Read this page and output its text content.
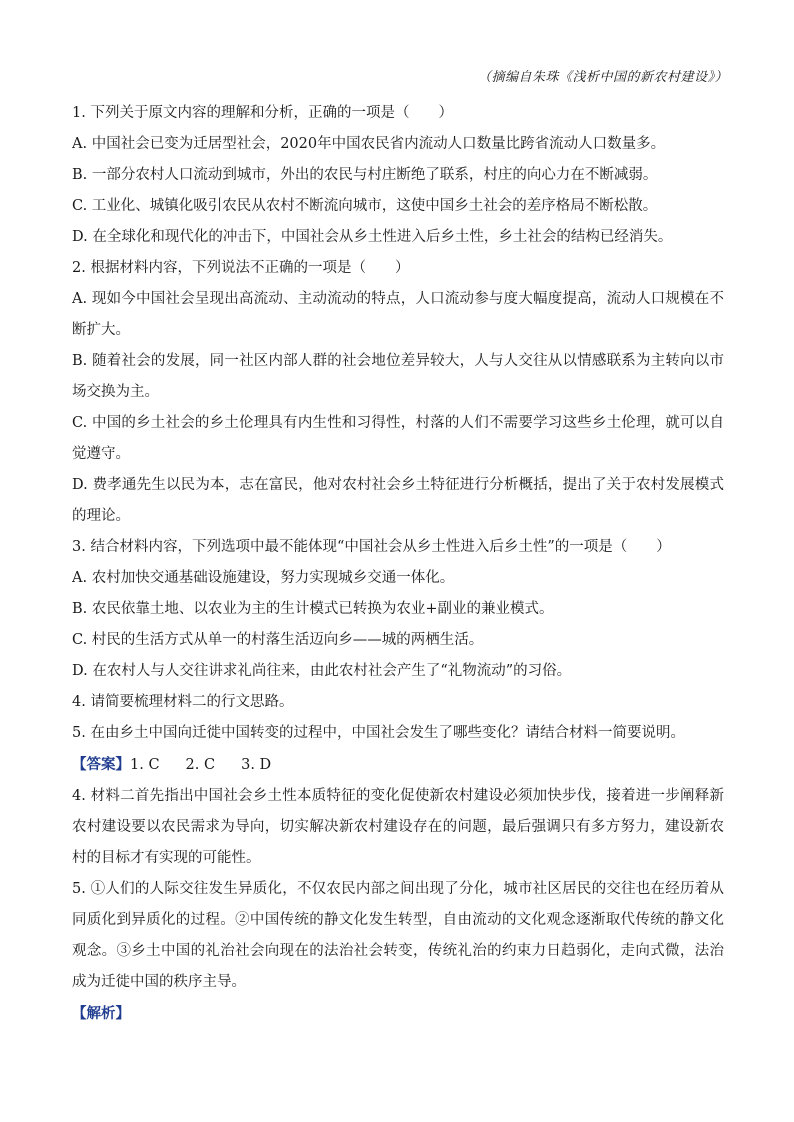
（摘编自朱珠《浅析中国的新农村建设》）
1. 下列关于原文内容的理解和分析，正确的一项是（　　）
A. 中国社会已变为迁居型社会，2020年中国农民省内流动人口数量比跨省流动人口数量多。
B. 一部分农村人口流动到城市，外出的农民与村庄断绝了联系，村庄的向心力在不断减弱。
C. 工业化、城镇化吸引农民从农村不断流向城市，这使中国乡土社会的差序格局不断松散。
D. 在全球化和现代化的冲击下，中国社会从乡土性进入后乡土性，乡土社会的结构已经消失。
2. 根据材料内容，下列说法不正确的一项是（　　）
A. 现如今中国社会呈现出高流动、主动流动的特点，人口流动参与度大幅度提高，流动人口规模在不断扩大。
B. 随着社会的发展，同一社区内部人群的社会地位差异较大，人与人交往从以情感联系为主转向以市场交换为主。
C. 中国的乡土社会的乡土伦理具有内生性和习得性，村落的人们不需要学习这些乡土伦理，就可以自觉遵守。
D. 费孝通先生以民为本，志在富民，他对农村社会乡土特征进行分析概括，提出了关于农村发展模式的理论。
3. 结合材料内容，下列选项中最不能体现“中国社会从乡土性进入后乡土性”的一项是（　　）
A. 农村加快交通基础设施建设，努力实现城乡交通一体化。
B. 农民依靠土地、以农业为主的生计模式已转换为农业+副业的兼业模式。
C. 村民的生活方式从单一的村落生活迈向乡——城的两栖生活。
D. 在农村人与人交往讲求礼尚往来，由此农村社会产生了“礼物流动”的习俗。
4. 请简要梳理材料二的行文思路。
5. 在由乡土中国向迁徙中国转变的过程中，中国社会发生了哪些变化？请结合材料一简要说明。
【答案】1. C 2. C 3. D
4. 材料二首先指出中国社会乡土性本质特征的变化促使新农村建设必须加快步伐，接着进一步阐释新农村建设要以农民需求为导向，切实解决新农村建设存在的问题，最后强调只有多方努力，建设新农村的目标才有实现的可能性。
5. ①人们的人际交往发生异质化，不仅农民内部之间出现了分化，城市社区居民的交往也在经历着从同质化到异质化的过程。②中国传统的静文化发生转型，自由流动的文化观念逐渐取代传统的静文化观念。③乡土中国的礼治社会向现在的法治社会转变，传统礼治的约束力日趋弱化，走向式微，法治成为迁徙中国的秩序主导。
【解析】
